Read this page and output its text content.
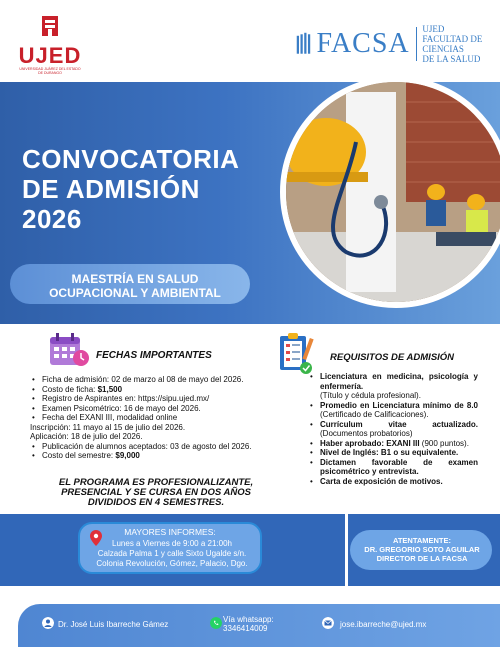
UJED
UNIVERSIDAD JUÁREZ DEL ESTADO DE DURANGO
FACSA UJED
FACULTAD DE CIENCIAS
DE LA SALUD
CONVOCATORIA
DE ADMISIÓN
2026
MAESTRÍA EN SALUD
OCUPACIONAL Y AMBIENTAL
FECHAS IMPORTANTES
• Ficha de admisión: 02 de marzo al 08 de mayo del 2026.
• Costo de ficha: $1,500
• Registro de Aspirantes en: https://sipu.ujed.mx/
• Examen Psicométrico: 16 de mayo del 2026.
• Fecha del EXANI III, modalidad online
Inscripción: 11 mayo al 15 de julio del 2026.
Aplicación: 18 de julio del 2026.
• Publicación de alumnos aceptados: 03 de agosto del 2026.
• Costo del semestre: $9,000
EL PROGRAMA ES PROFESIONALIZANTE,
PRESENCIAL Y SE CURSA EN DOS AÑOS
DIVIDIDOS EN 4 SEMESTRES.
REQUISITOS DE ADMISIÓN
• Licenciatura en medicina, psicología y enfermería.
(Título y cédula profesional).
• Promedio en Licenciatura mínimo de 8.0 (Certificado de Calificaciones).
• Currículum vitae actualizado. (Documentos probatorios)
• Haber aprobado: EXANI III (900 puntos).
• Nivel de Inglés: B1 o su equivalente.
• Dictamen favorable de examen psicométrico y entrevista.
• Carta de exposición de motivos.
MAYORES INFORMES:
Lunes a Viernes de 9:00 a 21:00h
Calzada Palma 1 y calle Sixto Ugalde s/n.
Colonia Revolución, Gómez, Palacio, Dgo.
ATENTAMENTE:
DR. GREGORIO SOTO AGUILAR
DIRECTOR DE LA FACSA
Dr. José Luis Ibarreche Gámez
Vía whatsapp:
3346414009	jose.ibarreche@ujed.mx
